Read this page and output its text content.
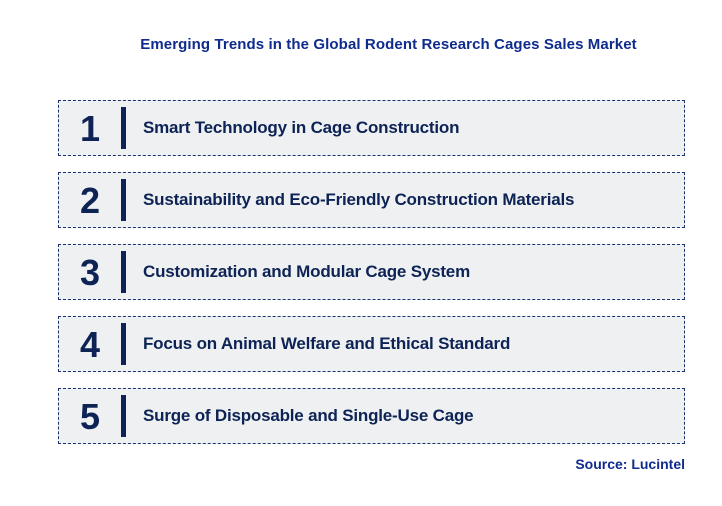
Emerging Trends in the Global Rodent Research Cages Sales Market
1	Smart Technology in Cage Construction
2	Sustainability and Eco-Friendly Construction Materials
3	Customization and Modular Cage System
4	Focus on Animal Welfare and Ethical Standard
5	Surge of Disposable and Single-Use Cage
Source: Lucintel
